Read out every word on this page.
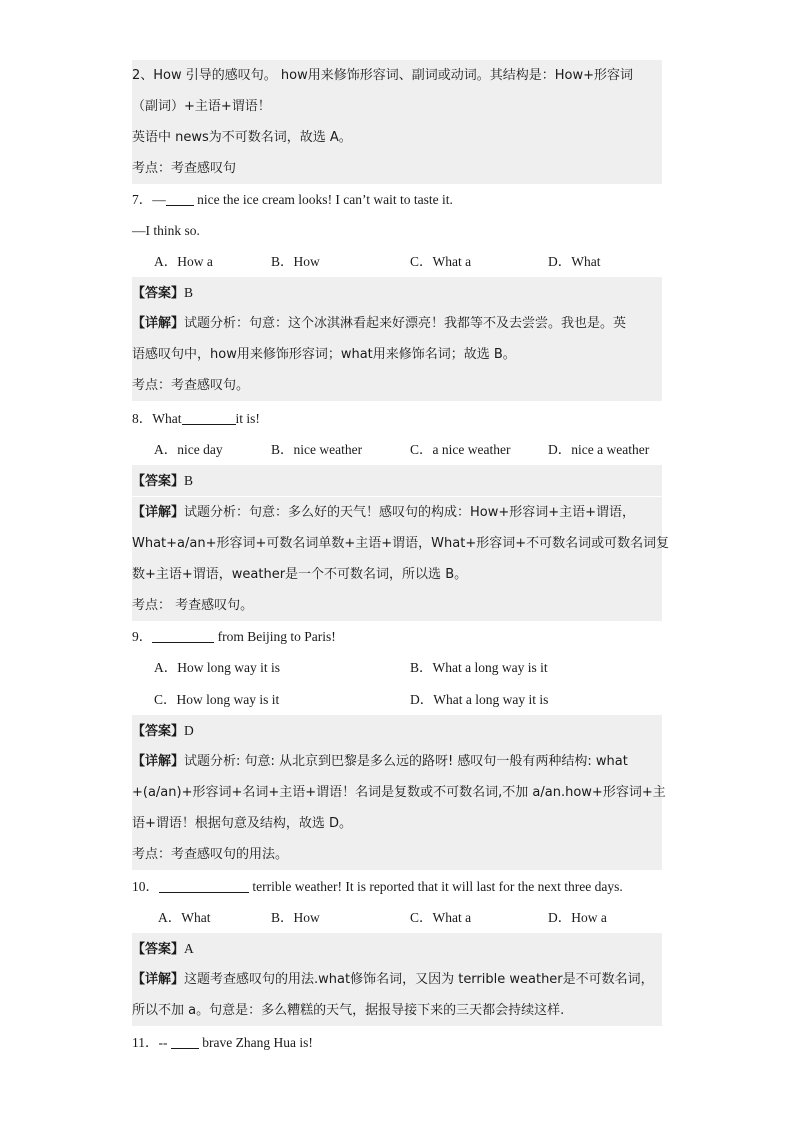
2、How 引导的感叹句。 how用来修饰形容词、副词或动词。其结构是：How+形容词
（副词）+主语+谓语！
英语中 news为不可数名词，故选 A。
考点：考查感叹句
7．— nice the ice cream looks! I can’t wait to taste it.
—I think so.
A．How a	B．How	C．What a	D．What
【答案】B
【详解】试题分析：句意：这个冰淇淋看起来好漂亮！我都等不及去尝尝。我也是。英
语感叹句中，how用来修饰形容词；what用来修饰名词；故选 B。
考点：考查感叹句。
8．What	it is!
A．nice day	B．nice weather	C．a nice weather	D．nice a weather
【答案】B
【详解】试题分析：句意：多么好的天气！感叹句的构成：How+形容词+主语+谓语，
What+a/an+形容词+可数名词单数+主语+谓语，What+形容词+不可数名词或可数名词复
数+主语+谓语，weather是一个不可数名词，所以选 B。
考点： 考查感叹句。
9．	from Beijing to Paris!
A．How long way it is	B．What a long way is it
C．How long way is it	D．What a long way it is
【答案】D
【详解】试题分析: 句意: 从北京到巴黎是多么远的路呀! 感叹句一般有两种结构: what
+(a/an)+形容词+名词+主语+谓语！名词是复数或不可数名词,不加 a/an.how+形容词+主
语+谓语！根据句意及结构，故选 D。
考点：考查感叹句的用法。
10．	terrible weather! It is reported that it will last for the next three days.
A．What	B．How	C．What a	D．How a
【答案】A
【详解】这题考查感叹句的用法.what修饰名词，又因为 terrible weather是不可数名词，
所以不加 a。句意是：多么糟糕的天气，据报导接下来的三天都会持续这样.
11．--  brave Zhang Hua is!
